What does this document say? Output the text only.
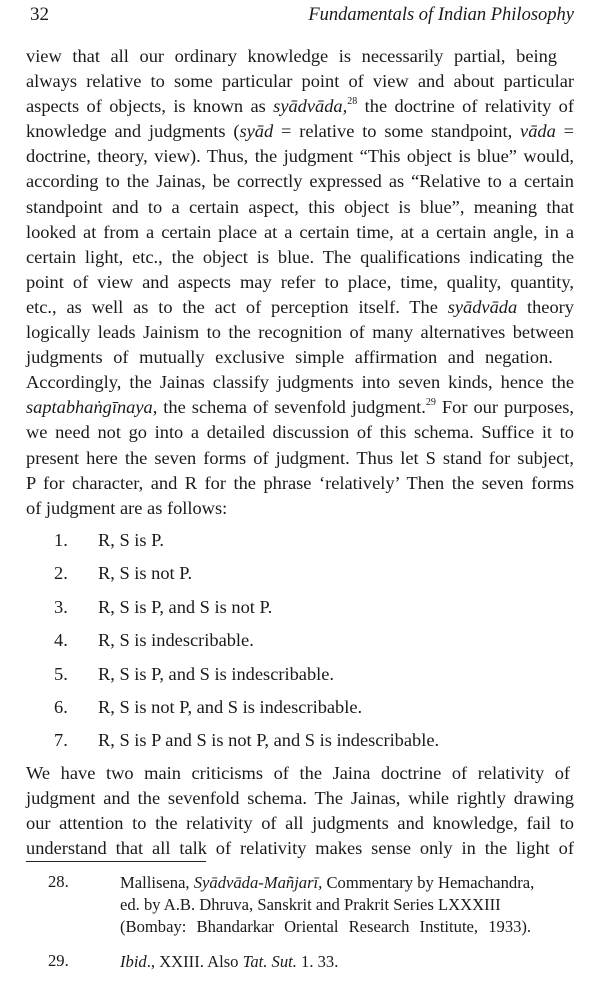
32	Fundamentals of Indian Philosophy

view that all our ordinary knowledge is necessarily partial, being
always relative to some particular point of view and about particular
aspects of objects, is known as syādvāda,$^{28}$ the doctrine of relativity of
knowledge and judgments (syād = relative to some standpoint, vāda =
doctrine, theory, view). Thus, the judgment “This object is blue” would,
according to the Jainas, be correctly expressed as “Relative to a certain
standpoint and to a certain aspect, this object is blue”, meaning that
looked at from a certain place at a certain time, at a certain angle, in a
certain light, etc., the object is blue. The qualifications indicating the
point of view and aspects may refer to place, time, quality, quantity,
etc., as well as to the act of perception itself. The syādvāda theory
logically leads Jainism to the recognition of many alternatives between
judgments of mutually exclusive simple affirmation and negation.
Accordingly, the Jainas classify judgments into seven kinds, hence the
saptabhaṅgīnaya, the schema of sevenfold judgment.$^{29}$ For our purposes,
we need not go into a detailed discussion of this schema. Suffice it to
present here the seven forms of judgment. Thus let S stand for subject,
P for character, and R for the phrase ‘relatively’ Then the seven forms
of judgment are as follows:

1.	R, S is P.
2.	R, S is not P.
3.	R, S is P, and S is not P.
4.	R, S is indescribable.
5.	R, S is P, and S is indescribable.
6.	R, S is not P, and S is indescribable.
7.	R, S is P and S is not P, and S is indescribable.

We have two main criticisms of the Jaina doctrine of relativity of
judgment and the sevenfold schema. The Jainas, while rightly drawing
our attention to the relativity of all judgments and knowledge, fail to
understand that all talk of relativity makes sense only in the light of

28.	Mallisena, Syādvāda-Mañjarī, Commentary by Hemachandra,
ed. by A.B. Dhruva, Sanskrit and Prakrit Series LXXXIII
(Bombay: Bhandarkar Oriental Research Institute, 1933).
29.	Ibid., XXIII. Also Tat. Sut. 1. 33.
